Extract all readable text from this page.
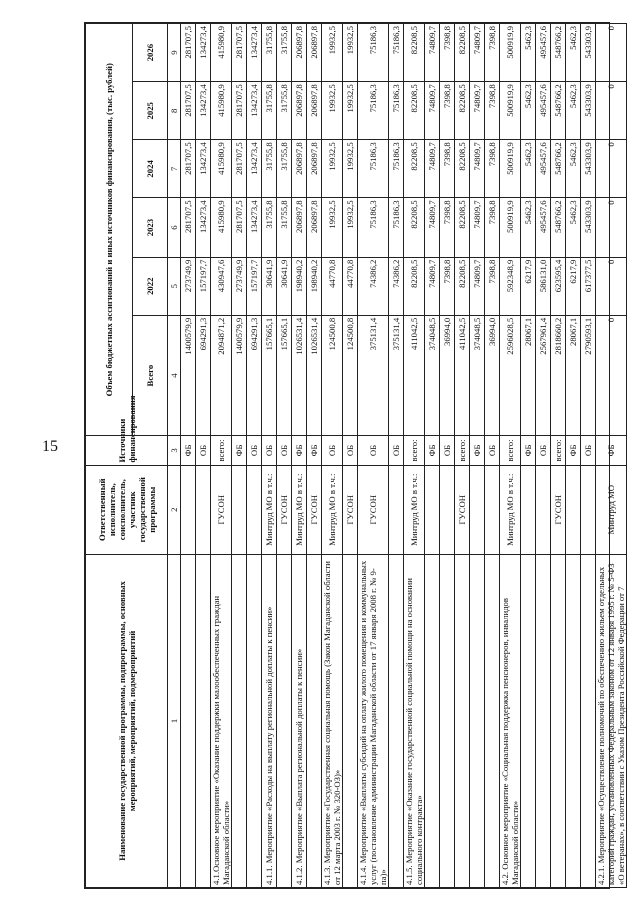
15
Наименование государственной программы, подпрограммы, основных мероприятий, мероприятий, подмероприятий	Ответственный исполнитель, соисполнитель, участник государственной программы	Источники финансирования	Объем бюджетных ассигнований и иных источников финансирования, (тыс. рублей)					
			Всего	2022	2023	2024	2025	2026
1	2	3	4	5	6	7	8	9
		ФБ	1400579,9	273749,9	281707,5	281707,5	281707,5	281707,5
		ОБ	694291,3	157197,7	134273,4	134273,4	134273,4	134273,4
4.1.Основное мероприятие «Оказание поддержки малообеспеченных граждан Магаданской области»	ГУСОН	всего:	2094871,2	430947,6	415980,9	415980,9	415980,9	415980,9
		ФБ	1400579,9	273749,9	281707,5	281707,5	281707,5	281707,5
		ОБ	694291,3	157197,7	134273,4	134273,4	134273,4	134273,4
4.1.1. Мероприятие «Расходы на выплату региональной доплаты к пенсии»	Минтруд МО в т.ч.:	ОБ	157665,1	30641,9	31755,8	31755,8	31755,8	31755,8
	ГУСОН	ОБ	157665,1	30641,9	31755,8	31755,8	31755,8	31755,8
4.1.2. Мероприятие «Выплата региональной доплаты к пенсии»	Минтруд МО в т.ч.:	ФБ	1026531,4	198940,2	206897,8	206897,8	206897,8	206897,8
	ГУСОН	ФБ	1026531,4	198940,2	206897,8	206897,8	206897,8	206897,8
4.1.3. Мероприятие «Государственная социальная помощь (Закон Магаданской области от 12 марта 2003 г. № 320-ОЗ)»	Минтруд МО в т.ч.:	ОБ	124500,8	44770,8	19932,5	19932,5	19932,5	19932,5
	ГУСОН	ОБ	124500,8	44770,8	19932,5	19932,5	19932,5	19932,5
4.1.4. Мероприятие «Выплаты субсидий на оплату жилого помещения и коммунальных услуг (постановление администрации Магаданской области от 17 января 2008 г. № 9-па)»	ГУСОН	ОБ	375131,4	74386,2	75186,3	75186,3	75186,3	75186,3
		ОБ	375131,4	74386,2	75186,3	75186,3	75186,3	75186,3
4.1.5. Мероприятие «Оказание государственной социальной помощи на основании социального контракта»	Минтруд МО в т.ч.:	всего:	411042,5	82208,5	82208,5	82208,5	82208,5	82208,5
		ФБ	374048,5	74809,7	74809,7	74809,7	74809,7	74809,7
		ОБ	36994,0	7398,8	7398,8	7398,8	7398,8	7398,8
	ГУСОН	всего:	411042,5	82208,5	82208,5	82208,5	82208,5	82208,5
		ФБ	374048,5	74809,7	74809,7	74809,7	74809,7	74809,7
		ОБ	36994,0	7398,8	7398,8	7398,8	7398,8	7398,8
4.2. Основное мероприятие «Социальная поддержка пенсионеров, инвалидов Магаданской области»	Минтруд МО в т.ч.:	всего:	2596028,5	592348,9	500919,9	500919,9	500919,9	500919,9
		ФБ	28067,1	6217,9	5462,3	5462,3	5462,3	5462,3
		ОБ	2567961,4	586131,0	495457,6	495457,6	495457,6	495457,6
	ГУСОН	всего:	2818660,2	623595,4	548766,2	548766,2	548766,2	548766,2
		ФБ	28067,1	6217,9	5462,3	5462,3	5462,3	5462,3
		ОБ	2790593,1	617377,5	543303,9	543303,9	543303,9	543303,9
4.2.1. Мероприятие «Осуществление полномочий по обеспечению жильем отдельных категорий граждан, установленных Федеральным законом от 12 января 1995 г. № 5-ФЗ «О ветеранах», в соответствии с Указом Президента Российской Федерации от 7	Минтруд МО	ФБ	0	0	0	0	0	0
